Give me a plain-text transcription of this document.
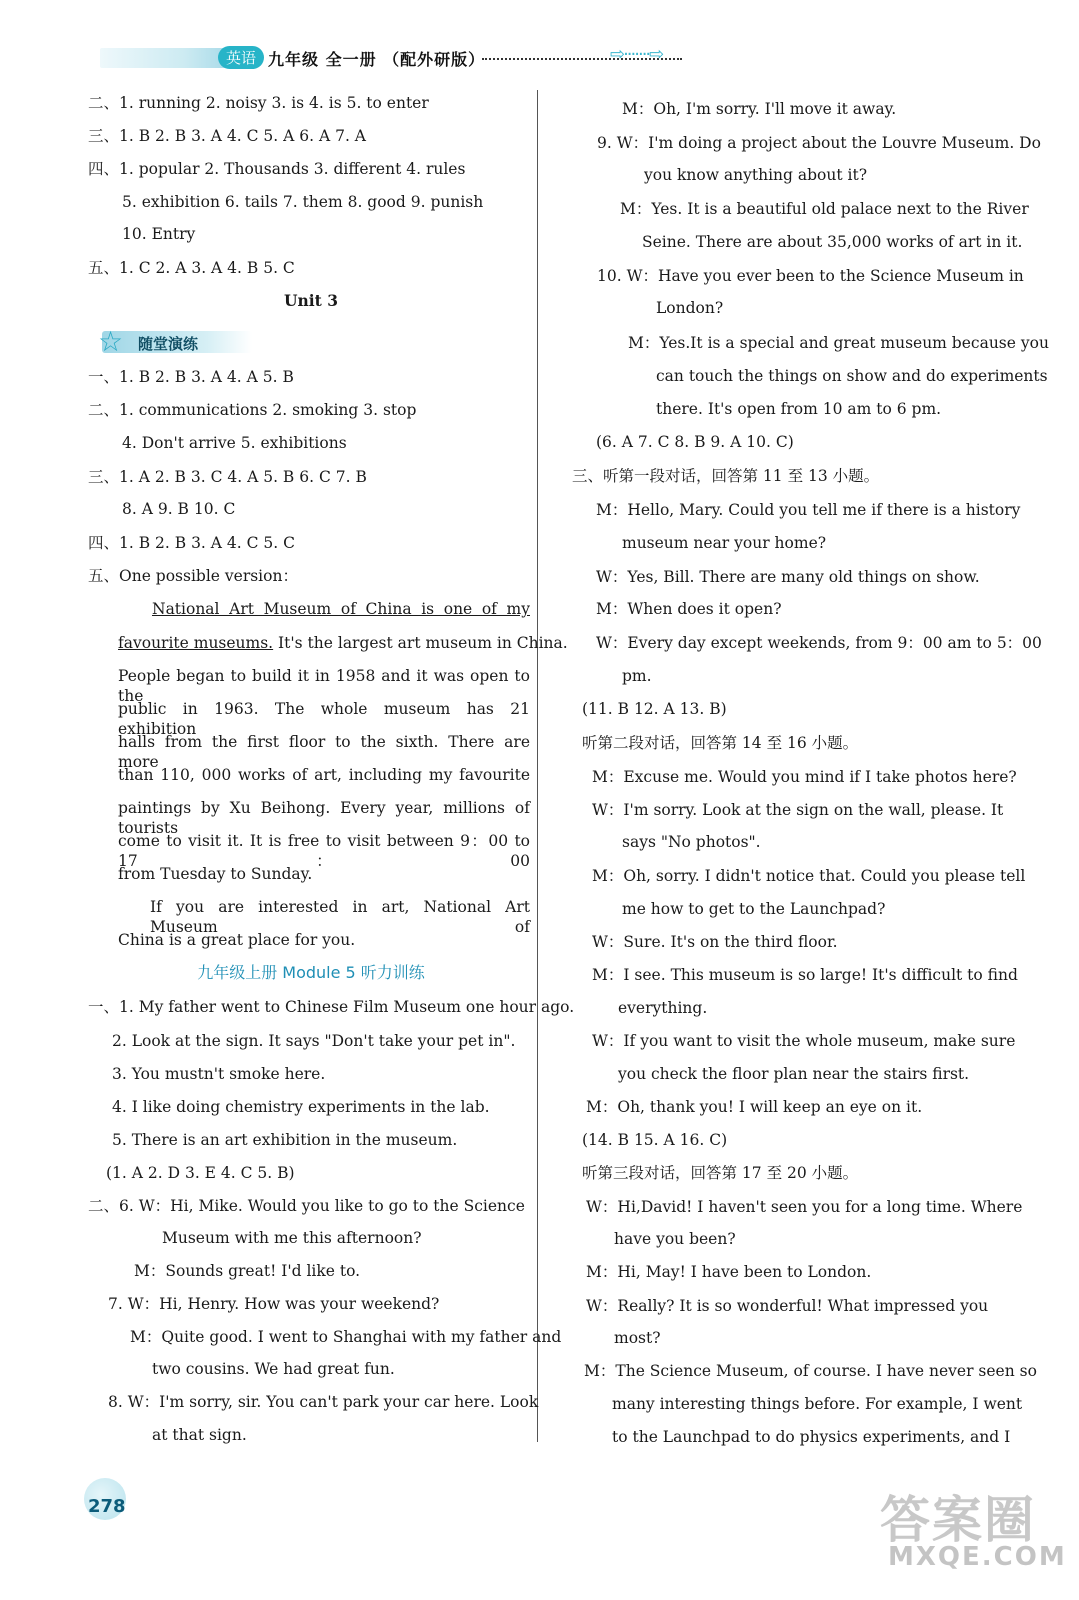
英语 九年级 全一册 （配外研版）	⇨·······⇨
二、1. running 2. noisy 3. is 4. is 5. to enter
三、1. B 2. B 3. A 4. C 5. A 6. A 7. A
四、1. popular 2. Thousands 3. different 4. rules
5. exhibition 6. tails 7. them 8. good 9. punish
10. Entry
五、1. C 2. A 3. A 4. B 5. C
Unit 3
☆ 随堂演练
一、1. B 2. B 3. A 4. A 5. B
二、1. communications 2. smoking 3. stop
4. Don't arrive 5. exhibitions
三、1. A 2. B 3. C 4. A 5. B 6. C 7. B
8. A 9. B 10. C
四、1. B 2. B 3. A 4. C 5. C
五、One possible version：
National Art Museum of China is one of my
favourite museums. It's the largest art museum in China.
People began to build it in 1958 and it was open to the
public in 1963. The whole museum has 21 exhibition
halls from the first floor to the sixth. There are more
than 110, 000 works of art, including my favourite
paintings by Xu Beihong. Every year, millions of tourists
come to visit it. It is free to visit between 9：00 to 17：00
from Tuesday to Sunday.
If you are interested in art, National Art Museum of
China is a great place for you.
九年级上册 Module 5 听力训练
一、1. My father went to Chinese Film Museum one hour ago.
2. Look at the sign. It says "Don't take your pet in".
3. You mustn't smoke here.
4. I like doing chemistry experiments in the lab.
5. There is an art exhibition in the museum.
(1. A 2. D 3. E 4. C 5. B)
二、6. W：Hi, Mike. Would you like to go to the Science
Museum with me this afternoon?
M：Sounds great! I'd like to.
7. W：Hi, Henry. How was your weekend?
M：Quite good. I went to Shanghai with my father and
two cousins. We had great fun.
8. W：I'm sorry, sir. You can't park your car here. Look
at that sign.
M：Oh, I'm sorry. I'll move it away.
9. W：I'm doing a project about the Louvre Museum. Do
you know anything about it?
M：Yes. It is a beautiful old palace next to the River
Seine. There are about 35,000 works of art in it.
10. W：Have you ever been to the Science Museum in
London?
M：Yes.It is a special and great museum because you
can touch the things on show and do experiments
there. It's open from 10 am to 6 pm.
(6. A 7. C 8. B 9. A 10. C)
三、听第一段对话，回答第 11 至 13 小题。
M：Hello, Mary. Could you tell me if there is a history
museum near your home?
W：Yes, Bill. There are many old things on show.
M：When does it open?
W：Every day except weekends, from 9：00 am to 5：00
pm.
(11. B 12. A 13. B)
听第二段对话，回答第 14 至 16 小题。
M：Excuse me. Would you mind if I take photos here?
W：I'm sorry. Look at the sign on the wall, please. It
says "No photos".
M：Oh, sorry. I didn't notice that. Could you please tell
me how to get to the Launchpad?
W：Sure. It's on the third floor.
M：I see. This museum is so large! It's difficult to find
everything.
W：If you want to visit the whole museum, make sure
you check the floor plan near the stairs first.
M：Oh, thank you! I will keep an eye on it.
(14. B 15. A 16. C)
听第三段对话，回答第 17 至 20 小题。
W：Hi,David! I haven't seen you for a long time. Where
have you been?
M：Hi, May! I have been to London.
W：Really? It is so wonderful! What impressed you
most?
M：The Science Museum, of course. I have never seen so
many interesting things before. For example, I went
to the Launchpad to do physics experiments, and I
278	答案圈
MXQE.COM
